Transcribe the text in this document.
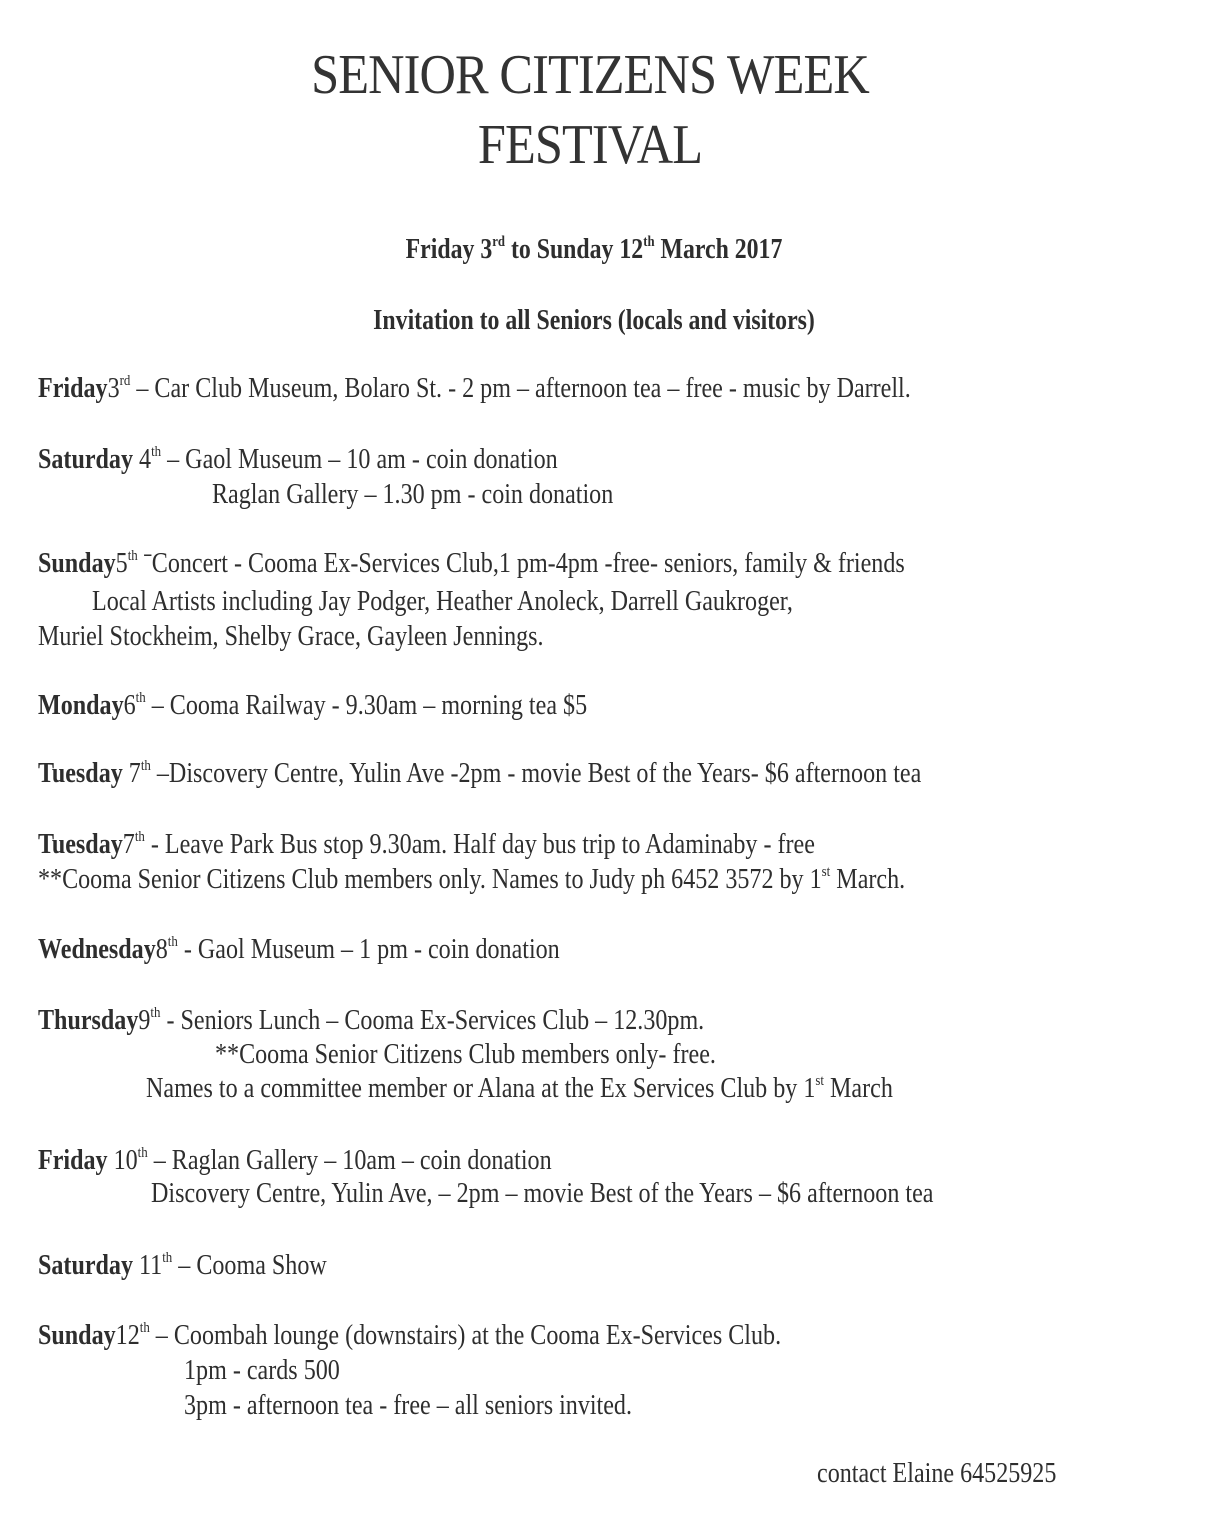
SENIOR CITIZENS WEEK
FESTIVAL
Friday 3rd to Sunday 12th March 2017
Invitation to all Seniors (locals and visitors)
Friday3rd – Car Club Museum, Bolaro St. - 2 pm – afternoon tea – free - music by Darrell.
Saturday 4th – Gaol Museum – 10 am - coin donation
Raglan Gallery – 1.30 pm - coin donation
Sunday5th ˉConcert - Cooma Ex-Services Club,1 pm-4pm -free- seniors, family & friends
Local Artists including Jay Podger, Heather Anoleck, Darrell Gaukroger,
Muriel Stockheim, Shelby Grace, Gayleen Jennings.
Monday6th – Cooma Railway - 9.30am – morning tea $5
Tuesday 7th –Discovery Centre, Yulin Ave -2pm - movie Best of the Years- $6 afternoon tea
Tuesday7th - Leave Park Bus stop 9.30am. Half day bus trip to Adaminaby - free
**Cooma Senior Citizens Club members only. Names to Judy ph 6452 3572 by 1st March.
Wednesday8th - Gaol Museum – 1 pm - coin donation
Thursday9th - Seniors Lunch – Cooma Ex-Services Club – 12.30pm.
**Cooma Senior Citizens Club members only- free.
Names to a committee member or Alana at the Ex Services Club by 1st March
Friday 10th – Raglan Gallery – 10am – coin donation
Discovery Centre, Yulin Ave, – 2pm – movie Best of the Years – $6 afternoon tea
Saturday 11th – Cooma Show
Sunday12th – Coombah lounge (downstairs) at the Cooma Ex-Services Club.
1pm - cards 500
3pm - afternoon tea - free – all seniors invited.
contact Elaine 64525925
